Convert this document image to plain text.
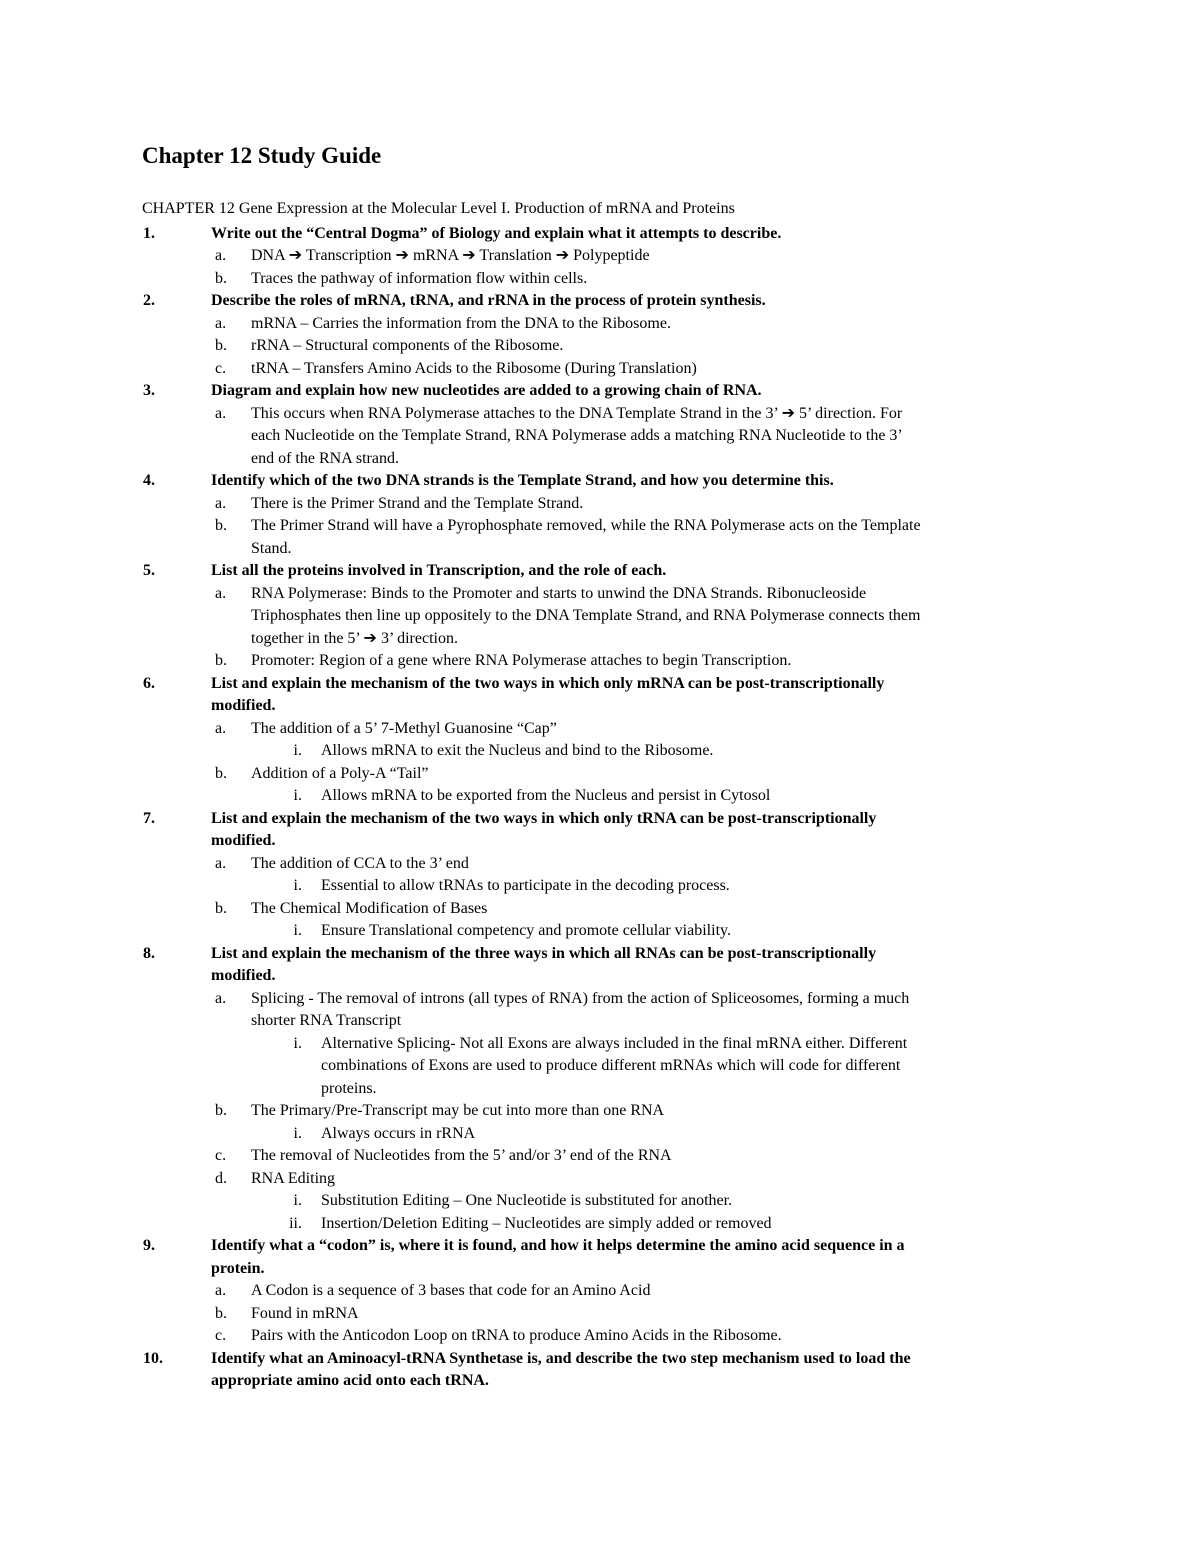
Chapter 12 Study Guide
CHAPTER 12 Gene Expression at the Molecular Level I. Production of mRNA and Proteins
1.	Write out the “Central Dogma” of Biology and explain what it attempts to describe.
a. DNA ➔ Transcription ➔ mRNA ➔ Translation ➔ Polypeptide
b. Traces the pathway of information flow within cells.
2.	Describe the roles of mRNA, tRNA, and rRNA in the process of protein synthesis.
a. mRNA – Carries the information from the DNA to the Ribosome.
b. rRNA – Structural components of the Ribosome.
c. tRNA – Transfers Amino Acids to the Ribosome (During Translation)
3.	Diagram and explain how new nucleotides are added to a growing chain of RNA.
a. This occurs when RNA Polymerase attaches to the DNA Template Strand in the 3’ ➔ 5’ direction. For
each Nucleotide on the Template Strand, RNA Polymerase adds a matching RNA Nucleotide to the 3’
end of the RNA strand.
4.	Identify which of the two DNA strands is the Template Strand, and how you determine this.
a. There is the Primer Strand and the Template Strand.
b. The Primer Strand will have a Pyrophosphate removed, while the RNA Polymerase acts on the Template
Stand.
5.	List all the proteins involved in Transcription, and the role of each.
a. RNA Polymerase: Binds to the Promoter and starts to unwind the DNA Strands. Ribonucleoside
Triphosphates then line up oppositely to the DNA Template Strand, and RNA Polymerase connects them
together in the 5’ ➔ 3’ direction.
b. Promoter: Region of a gene where RNA Polymerase attaches to begin Transcription.
6.	List and explain the mechanism of the two ways in which only mRNA can be post-transcriptionally
modified.
a. The addition of a 5’ 7-Methyl Guanosine “Cap”
i. Allows mRNA to exit the Nucleus and bind to the Ribosome.
b. Addition of a Poly-A “Tail”
i. Allows mRNA to be exported from the Nucleus and persist in Cytosol
7.	List and explain the mechanism of the two ways in which only tRNA can be post-transcriptionally
modified.
a. The addition of CCA to the 3’ end
i. Essential to allow tRNAs to participate in the decoding process.
b. The Chemical Modification of Bases
i. Ensure Translational competency and promote cellular viability.
8.	List and explain the mechanism of the three ways in which all RNAs can be post-transcriptionally
modified.
a. Splicing - The removal of introns (all types of RNA) from the action of Spliceosomes, forming a much
shorter RNA Transcript
i. Alternative Splicing- Not all Exons are always included in the final mRNA either. Different
combinations of Exons are used to produce different mRNAs which will code for different
proteins.
b. The Primary/Pre-Transcript may be cut into more than one RNA
i. Always occurs in rRNA
c. The removal of Nucleotides from the 5’ and/or 3’ end of the RNA
d. RNA Editing
i. Substitution Editing – One Nucleotide is substituted for another.
ii. Insertion/Deletion Editing – Nucleotides are simply added or removed
9.	Identify what a “codon” is, where it is found, and how it helps determine the amino acid sequence in a
protein.
a. A Codon is a sequence of 3 bases that code for an Amino Acid
b. Found in mRNA
c. Pairs with the Anticodon Loop on tRNA to produce Amino Acids in the Ribosome.
10.	Identify what an Aminoacyl-tRNA Synthetase is, and describe the two step mechanism used to load the
appropriate amino acid onto each tRNA.
